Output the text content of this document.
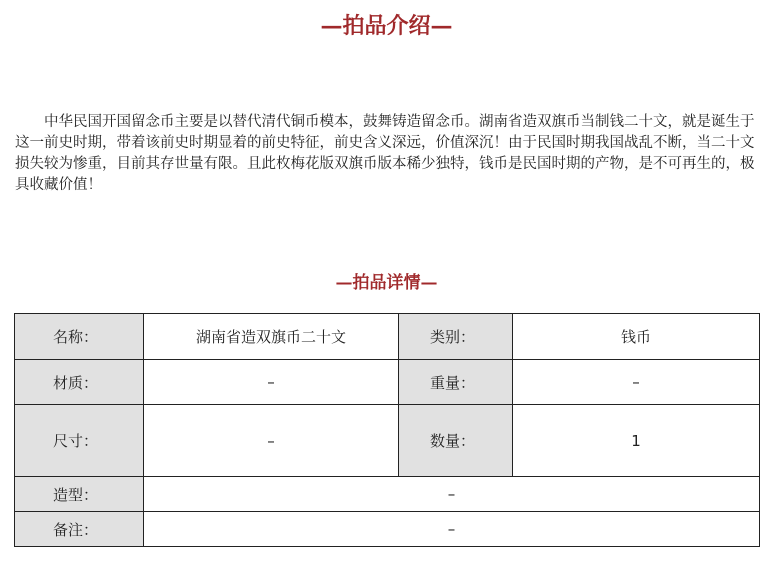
—拍品介绍—

中华民国开国留念币主要是以替代清代铜币模本，鼓舞铸造留念币。湖南省造双旗币当制钱二十文，就是诞生于这一前史时期，带着该前史时期显着的前史特征，前史含义深远，价值深沉！由于民国时期我国战乱不断，当二十文损失较为惨重，目前其存世量有限。且此枚梅花版双旗币版本稀少独特，钱币是民国时期的产物，是不可再生的，极具收藏价值！

—拍品详情—
名称：	湖南省造双旗币二十文	类别：	钱币
材质：	–	重量：	–
尺寸：	–	数量：	1
造型：	–		
备注：	–		
